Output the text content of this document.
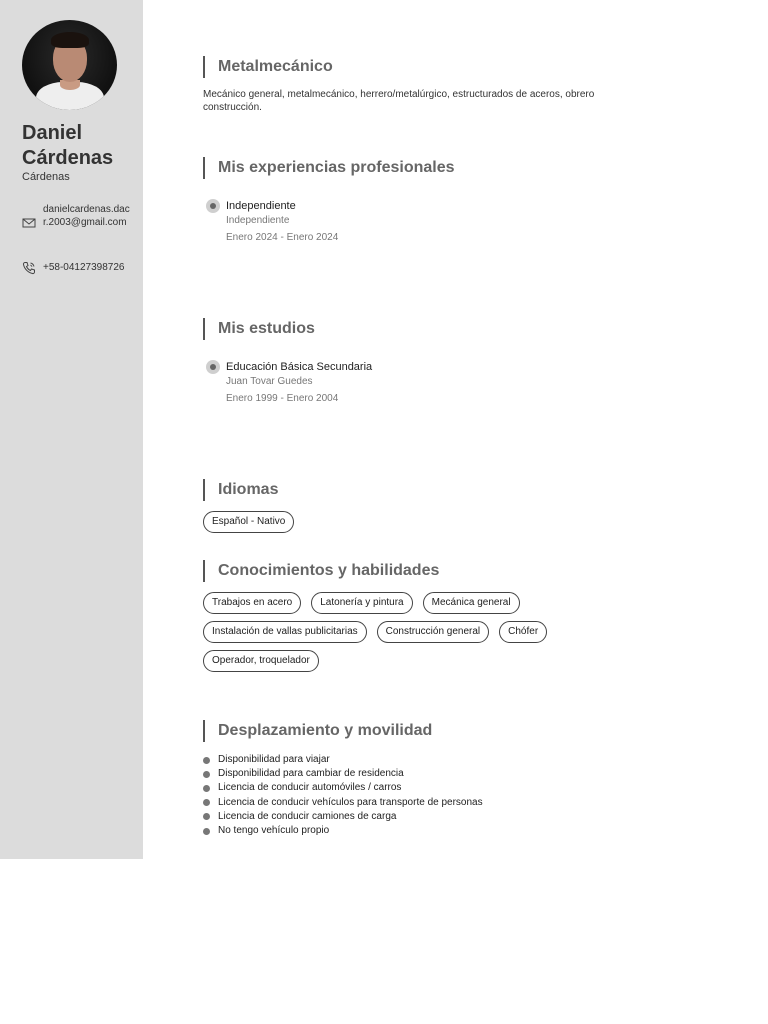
Daniel Cárdenas
Cárdenas
danielcardenas.dacr.2003@gmail.com
+58-04127398726
Metalmecánico
Mecánico general, metalmecánico, herrero/metalúrgico, estructurados de aceros, obrero construcción.
Mis experiencias profesionales
Independiente
Independiente
Enero 2024 - Enero 2024
Mis estudios
Educación Básica Secundaria
Juan Tovar Guedes
Enero 1999 - Enero 2004
Idiomas
Español - Nativo
Conocimientos y habilidades
Trabajos en acero	Latonería y pintura	Mecánica general
Instalación de vallas publicitarias	Construcción general	Chófer
Operador, troquelador
Desplazamiento y movilidad
Disponibilidad para viajar
Disponibilidad para cambiar de residencia
Licencia de conducir automóviles / carros
Licencia de conducir vehículos para transporte de personas
Licencia de conducir camiones de carga
No tengo vehículo propio
